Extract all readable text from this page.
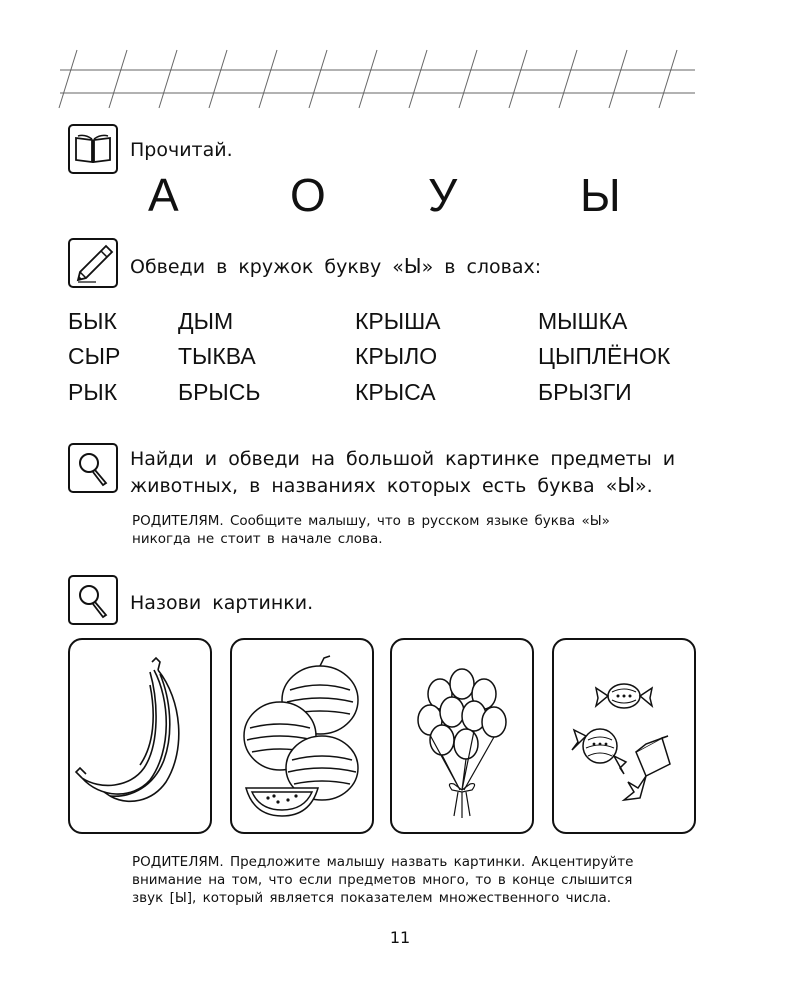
Прочитай.
А О У	Ы
Обведи в кружок букву «Ы» в словах:
БЫК	ДЫМ	КРЫША	МЫШКА
СЫР	ТЫКВА	КРЫЛО	ЦЫПЛЁНОК
РЫК	БРЫСЬ	КРЫСА	БРЫЗГИ
Найди и обведи на большой картинке предметы и
животных, в названиях которых есть буква «Ы».
РОДИТЕЛЯМ. Сообщите малышу, что в русском языке буква «Ы»
никогда не стоит в начале слова.
Назови картинки.
РОДИТЕЛЯМ. Предложите малышу назвать картинки. Акцентируйте
внимание на том, что если предметов много, то в конце слышится
звук [Ы], который является показателем множественного числа.
11
